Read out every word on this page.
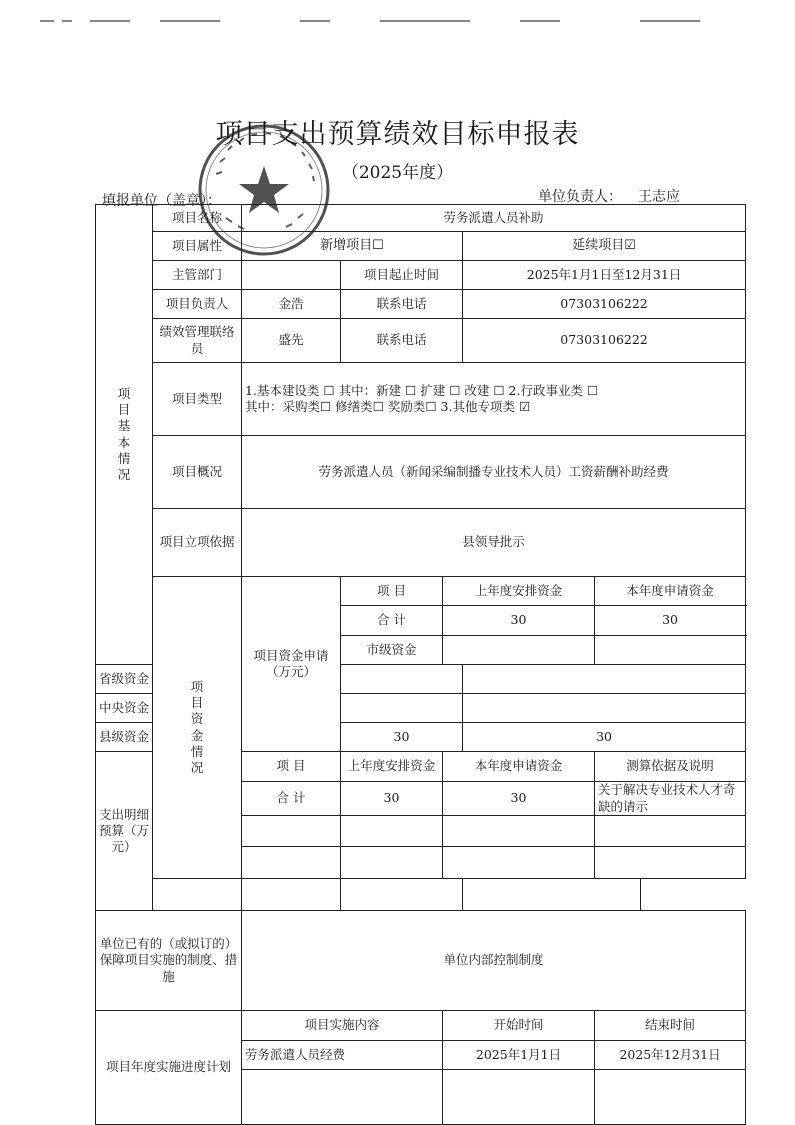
项目支出预算绩效目标申报表
（2025年度）
填报单位（盖章）：	单位负责人： 王志应
项目基本情况	项目名称	劳务派遣人员补助				
	项目属性	新增项目☐			延续项目☑	
	主管部门		项目起止时间		2025年1月1日至12月31日	
	项目负责人	金浩	联系电话		07303106222	
	绩效管理联络员	盛先	联系电话		07303106222	
	项目类型	1.基本建设类 ☐ 其中：新建 ☐ 扩建 ☐ 改建 ☐ 2.行政事业类 ☐
其中：采购类☐ 修缮类☐ 奖励类☐ 3.其他专项类 ☑				

	项目概况	劳务派遣人员（新闻采编制播专业技术人员）工资薪酬补助经费				
	项目立项依据	县领导批示				
	项目资金情况	项目资金申请（万元）	项 目	上年度安排资金		本年度申请资金
			合 计	30		30
			市级资金			
省级资金						
中央资金						
县级资金			30		30	
支出明细预算（万元）		项 目	上年度安排资金	本年度申请资金		测算依据及说明
		合 计	30	30		关于解决专业技术人才奇缺的请示

单位已有的（或拟订的）保障项目实施的制度、措施		单位内部控制制度				
项目年度实施进度计划		项目实施内容		开始时间		结束时间
		劳务派遣人员经费		2025年1月1日		2025年12月31日
